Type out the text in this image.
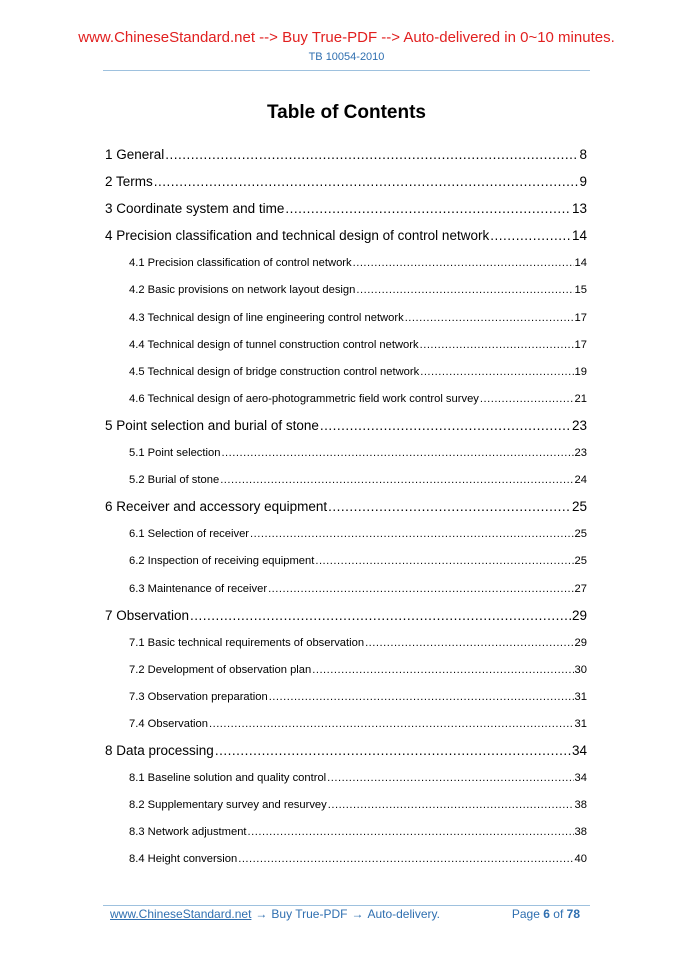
www.ChineseStandard.net --> Buy True-PDF --> Auto-delivered in 0~10 minutes.
TB 10054-2010
Table of Contents
1 General .....	8
2 Terms .....	9
3 Coordinate system and time .....	13
4 Precision classification and technical design of control network .....	14
4.1 Precision classification of control network .....	14
4.2 Basic provisions on network layout design .....	15
4.3 Technical design of line engineering control network .....	17
4.4 Technical design of tunnel construction control network .....	17
4.5 Technical design of bridge construction control network .....	19
4.6 Technical design of aero-photogrammetric field work control survey .....	21
5 Point selection and burial of stone .....	23
5.1 Point selection .....	23
5.2 Burial of stone .....	24
6 Receiver and accessory equipment .....	25
6.1 Selection of receiver .....	25
6.2 Inspection of receiving equipment .....	25
6.3 Maintenance of receiver .....	27
7 Observation .....	29
7.1 Basic technical requirements of observation .....	29
7.2 Development of observation plan .....	30
7.3 Observation preparation .....	31
7.4 Observation .....	31
8 Data processing .....	34
8.1 Baseline solution and quality control .....	34
8.2 Supplementary survey and resurvey .....	38
8.3 Network adjustment .....	38
8.4 Height conversion .....	40
www.ChineseStandard.net → Buy True-PDF → Auto-delivery.	Page 6 of 78
